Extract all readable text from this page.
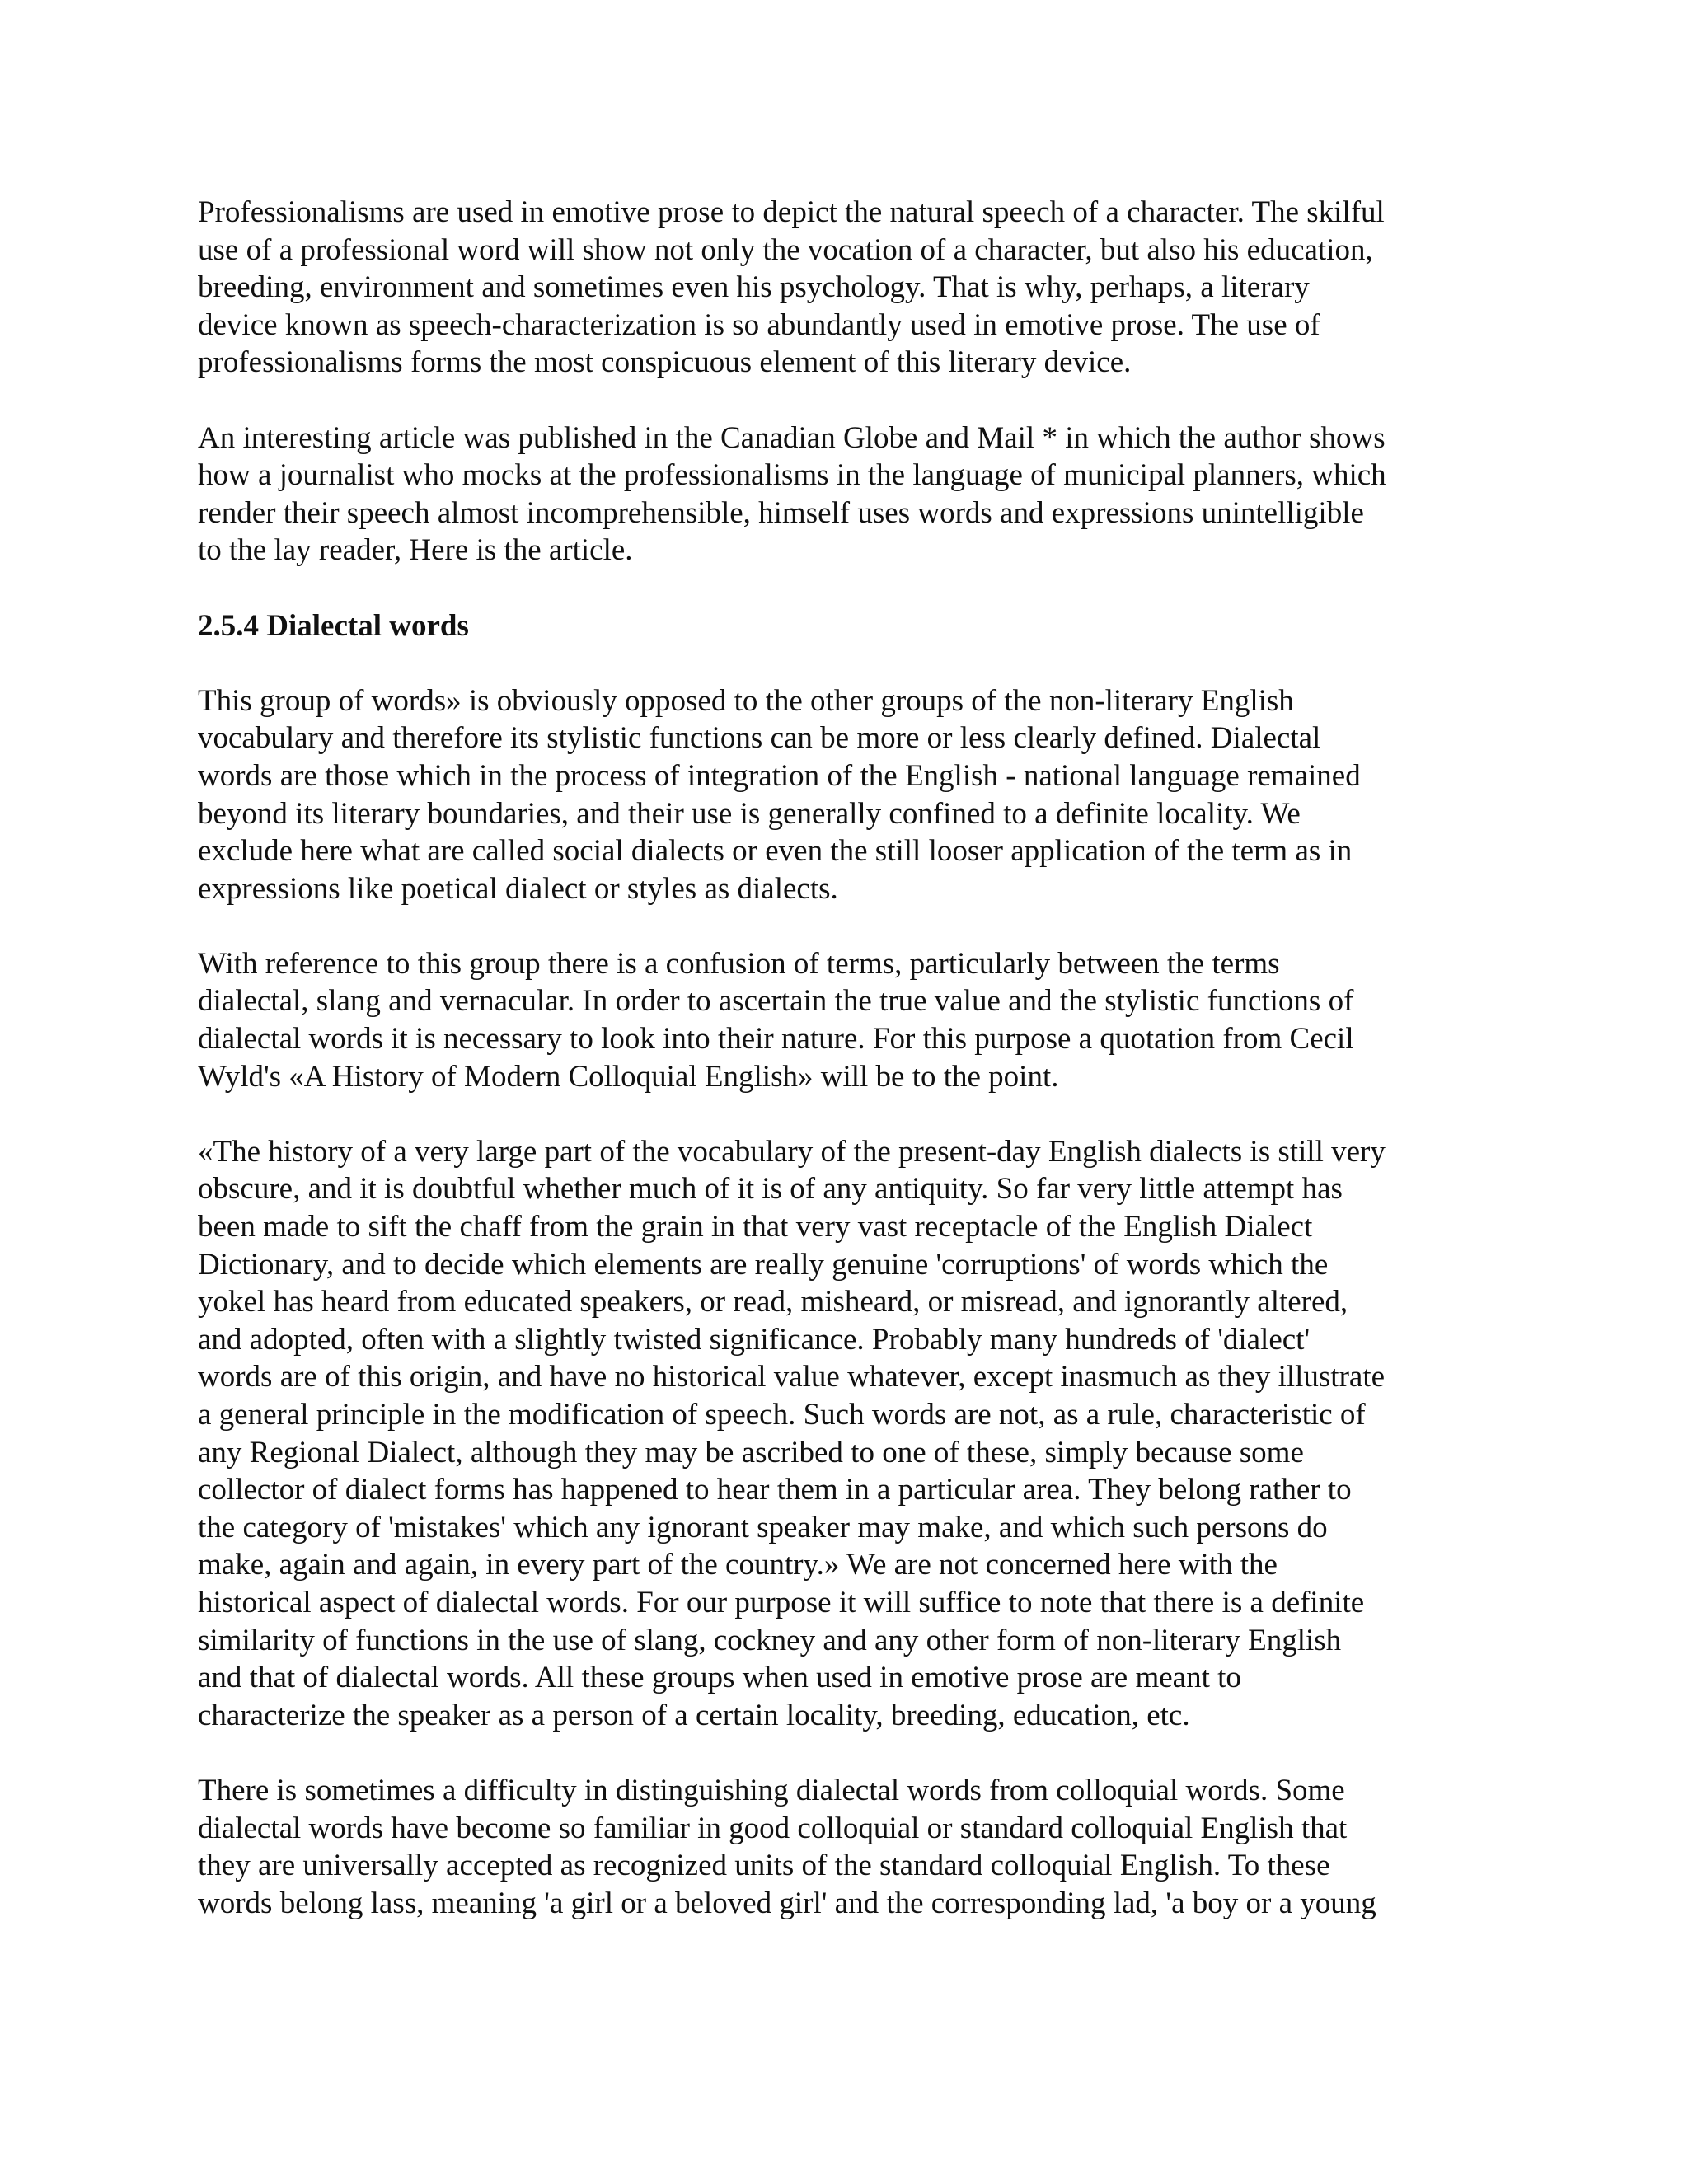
Professionalisms are used in emotive prose to depict the natural speech of a character. The skilful
use of a professional word will show not only the vocation of a character, but also his education,
breeding, environment and sometimes even his psychology. That is why, perhaps, a literary
device known as speech-characterization is so abundantly used in emotive prose. The use of
professionalisms forms the most conspicuous element of this literary device.
An interesting article was published in the Canadian Globe and Mail * in which the author shows
how a journalist who mocks at the professionalisms in the language of municipal planners, which
render their speech almost incomprehensible, himself uses words and expressions unintelligible
to the lay reader, Here is the article.
2.5.4 Dialectal words
This group of words» is obviously opposed to the other groups of the non-literary English
vocabulary and therefore its stylistic functions can be more or less clearly defined. Dialectal
words are those which in the process of integration of the English - national language remained
beyond its literary boundaries, and their use is generally confined to a definite locality. We
exclude here what are called social dialects or even the still looser application of the term as in
expressions like poetical dialect or styles as dialects.
With reference to this group there is a confusion of terms, particularly between the terms
dialectal, slang and vernacular. In order to ascertain the true value and the stylistic functions of
dialectal words it is necessary to look into their nature. For this purpose a quotation from Cecil
Wyld's «A History of Modern Colloquial English» will be to the point.
«The history of a very large part of the vocabulary of the present-day English dialects is still very
obscure, and it is doubtful whether much of it is of any antiquity. So far very little attempt has
been made to sift the chaff from the grain in that very vast receptacle of the English Dialect
Dictionary, and to decide which elements are really genuine 'corruptions' of words which the
yokel has heard from educated speakers, or read, misheard, or misread, and ignorantly altered,
and adopted, often with a slightly twisted significance. Probably many hundreds of 'dialect'
words are of this origin, and have no historical value whatever, except inasmuch as they illustrate
a general principle in the modification of speech. Such words are not, as a rule, characteristic of
any Regional Dialect, although they may be ascribed to one of these, simply because some
collector of dialect forms has happened to hear them in a particular area. They belong rather to
the category of 'mistakes' which any ignorant speaker may make, and which such persons do
make, again and again, in every part of the country.» We are not concerned here with the
historical aspect of dialectal words. For our purpose it will suffice to note that there is a definite
similarity of functions in the use of slang, cockney and any other form of non-literary English
and that of dialectal words. All these groups when used in emotive prose are meant to
characterize the speaker as a person of a certain locality, breeding, education, etc.
There is sometimes a difficulty in distinguishing dialectal words from colloquial words. Some
dialectal words have become so familiar in good colloquial or standard colloquial English that
they are universally accepted as recognized units of the standard colloquial English. To these
words belong lass, meaning 'a girl or a beloved girl' and the corresponding lad, 'a boy or a young
